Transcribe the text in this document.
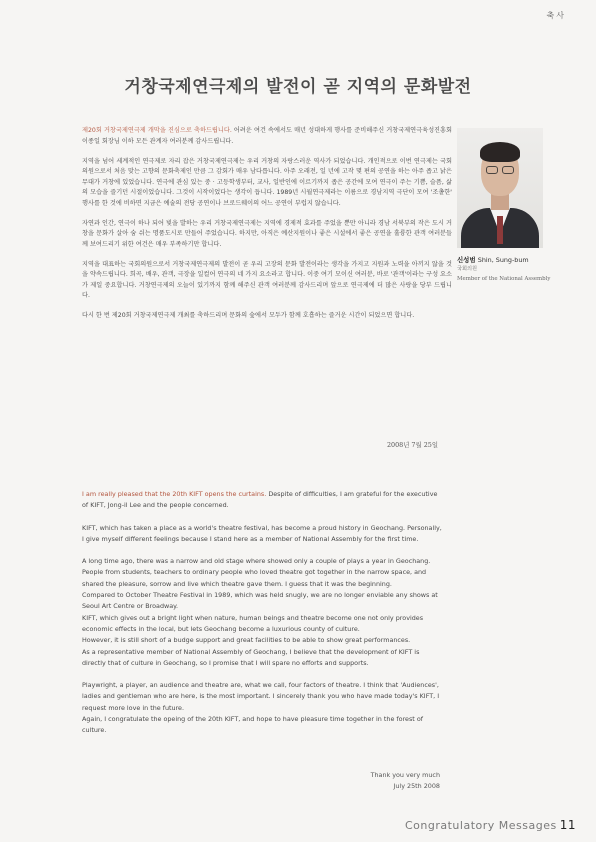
축사
거창국제연극제의 발전이 곧 지역의 문화발전

제20회 거창국제연극제 개막을 진심으로 축하드립니다. 어려운 여건 속에서도 매년 성대하게 행사를 준비해주신 거창국제연극육성진흥회 이종일 회장님 이하 모든 관계자 여러분께 감사드립니다.

지역을 넘어 세계적인 연극제로 자리 잡은 거창국제연극제는 우리 거창의 자랑스러운 역사가 되었습니다. 개인적으로 이번 연극제는 국회의원으로서 처음 맞는 고향의 문화축제인 만큼 그 감회가 매우 남다릅니다. 아주 오래전, 일 년에 고작 몇 편의 공연을 하는 아주 좁고 낡은 무대가 거창에 있었습니다. 연극에 관심 있는 중 · 고등학생부터, 교사, 일반인에 이르기까지 좁은 공간에 모여 연극이 주는 기쁨, 슬픔, 삶의 모습을 즐기던 시절이었습니다. 그것이 시작이었다는 생각이 듭니다. 1989년 시월연극제라는 이름으로 경남지역 극단이 모여 '조촐한' 행사를 한 것에 비하면 지금은 예술의 전당 공연이나 브로드웨이의 어느 공연이 부럽지 않습니다.

자연과 인간, 연극이 하나 되어 빛을 발하는 우리 거창국제연극제는 지역에 경제적 효과를 주었을 뿐만 아니라 경남 서북부의 작은 도시 거창을 문화가 살아 숨 쉬는 명품도시로 만들어 주었습니다. 하지만, 아직은 예산지원이나 좋은 시설에서 좋은 공연을 훌륭한 관객 여러분들께 보여드리기 위한 여건은 매우 부족하기만 합니다.

지역을 대표하는 국회의원으로서 거창국제연극제의 발전이 곧 우리 고장의 문화 발전이라는 생각을 가지고 지원과 노력을 아끼지 않을 것을 약속드립니다. 희곡, 배우, 관객, 극장을 일컬어 연극의 네 가지 요소라고 합니다. 이중 여기 모이신 여러분, 바로 '관객'이라는 구성 요소가 제일 중요합니다. 거창연극제의 오늘이 있기까지 함께 해주신 관객 여러분께 감사드리며 앞으로 연극제에 더 많은 사랑을 당부 드립니다.

다시 한 번 제20회 거창국제연극제 개최를 축하드리며 문화의 숲에서 모두가 함께 호흡하는 즐거운 시간이 되었으면 합니다.

2008년 7월 25일
신성범 Shin, Sung-bum
국회의원
Member of the National Assembly

I am really pleased that the 20th KIFT opens the curtains. Despite of difficulties, I am grateful for the executive of KIFT, Jong-il Lee and the people concerned.

KIFT, which has taken a place as a world's theatre festival, has become a proud history in Geochang. Personally, I give myself different feelings because I stand here as a member of National Assembly for the first time.

A long time ago, there was a narrow and old stage where showed only a couple of plays a year in Geochang. People from students, teachers to ordinary people who loved theatre got together in the narrow space, and shared the pleasure, sorrow and live which theatre gave them. I guess that it was the beginning.

Compared to October Theatre Festival in 1989, which was held snugly, we are no longer enviable any shows at Seoul Art Centre or Broadway.

KIFT, which gives out a bright light when nature, human beings and theatre become one not only provides economic effects in the local, but lets Geochang become a luxurious county of culture.

However, it is still short of a budge support and great facilities to be able to show great performances.

As a representative member of National Assembly of Geochang, I believe that the development of KIFT is directly that of culture in Geochang, so I promise that I will spare no efforts and supports.

Playwright, a player, an audience and theatre are, what we call, four factors of theatre. I think that 'Audiences', ladies and gentleman who are here, is the most important. I sincerely thank you who have made today's KIFT, I request more love in the future.

Again, I congratulate the opeing of the 20th KIFT, and hope to have pleasure time together in the forest of culture.

Thank you very much
July 25th 2008
Congratulatory Messages 11
